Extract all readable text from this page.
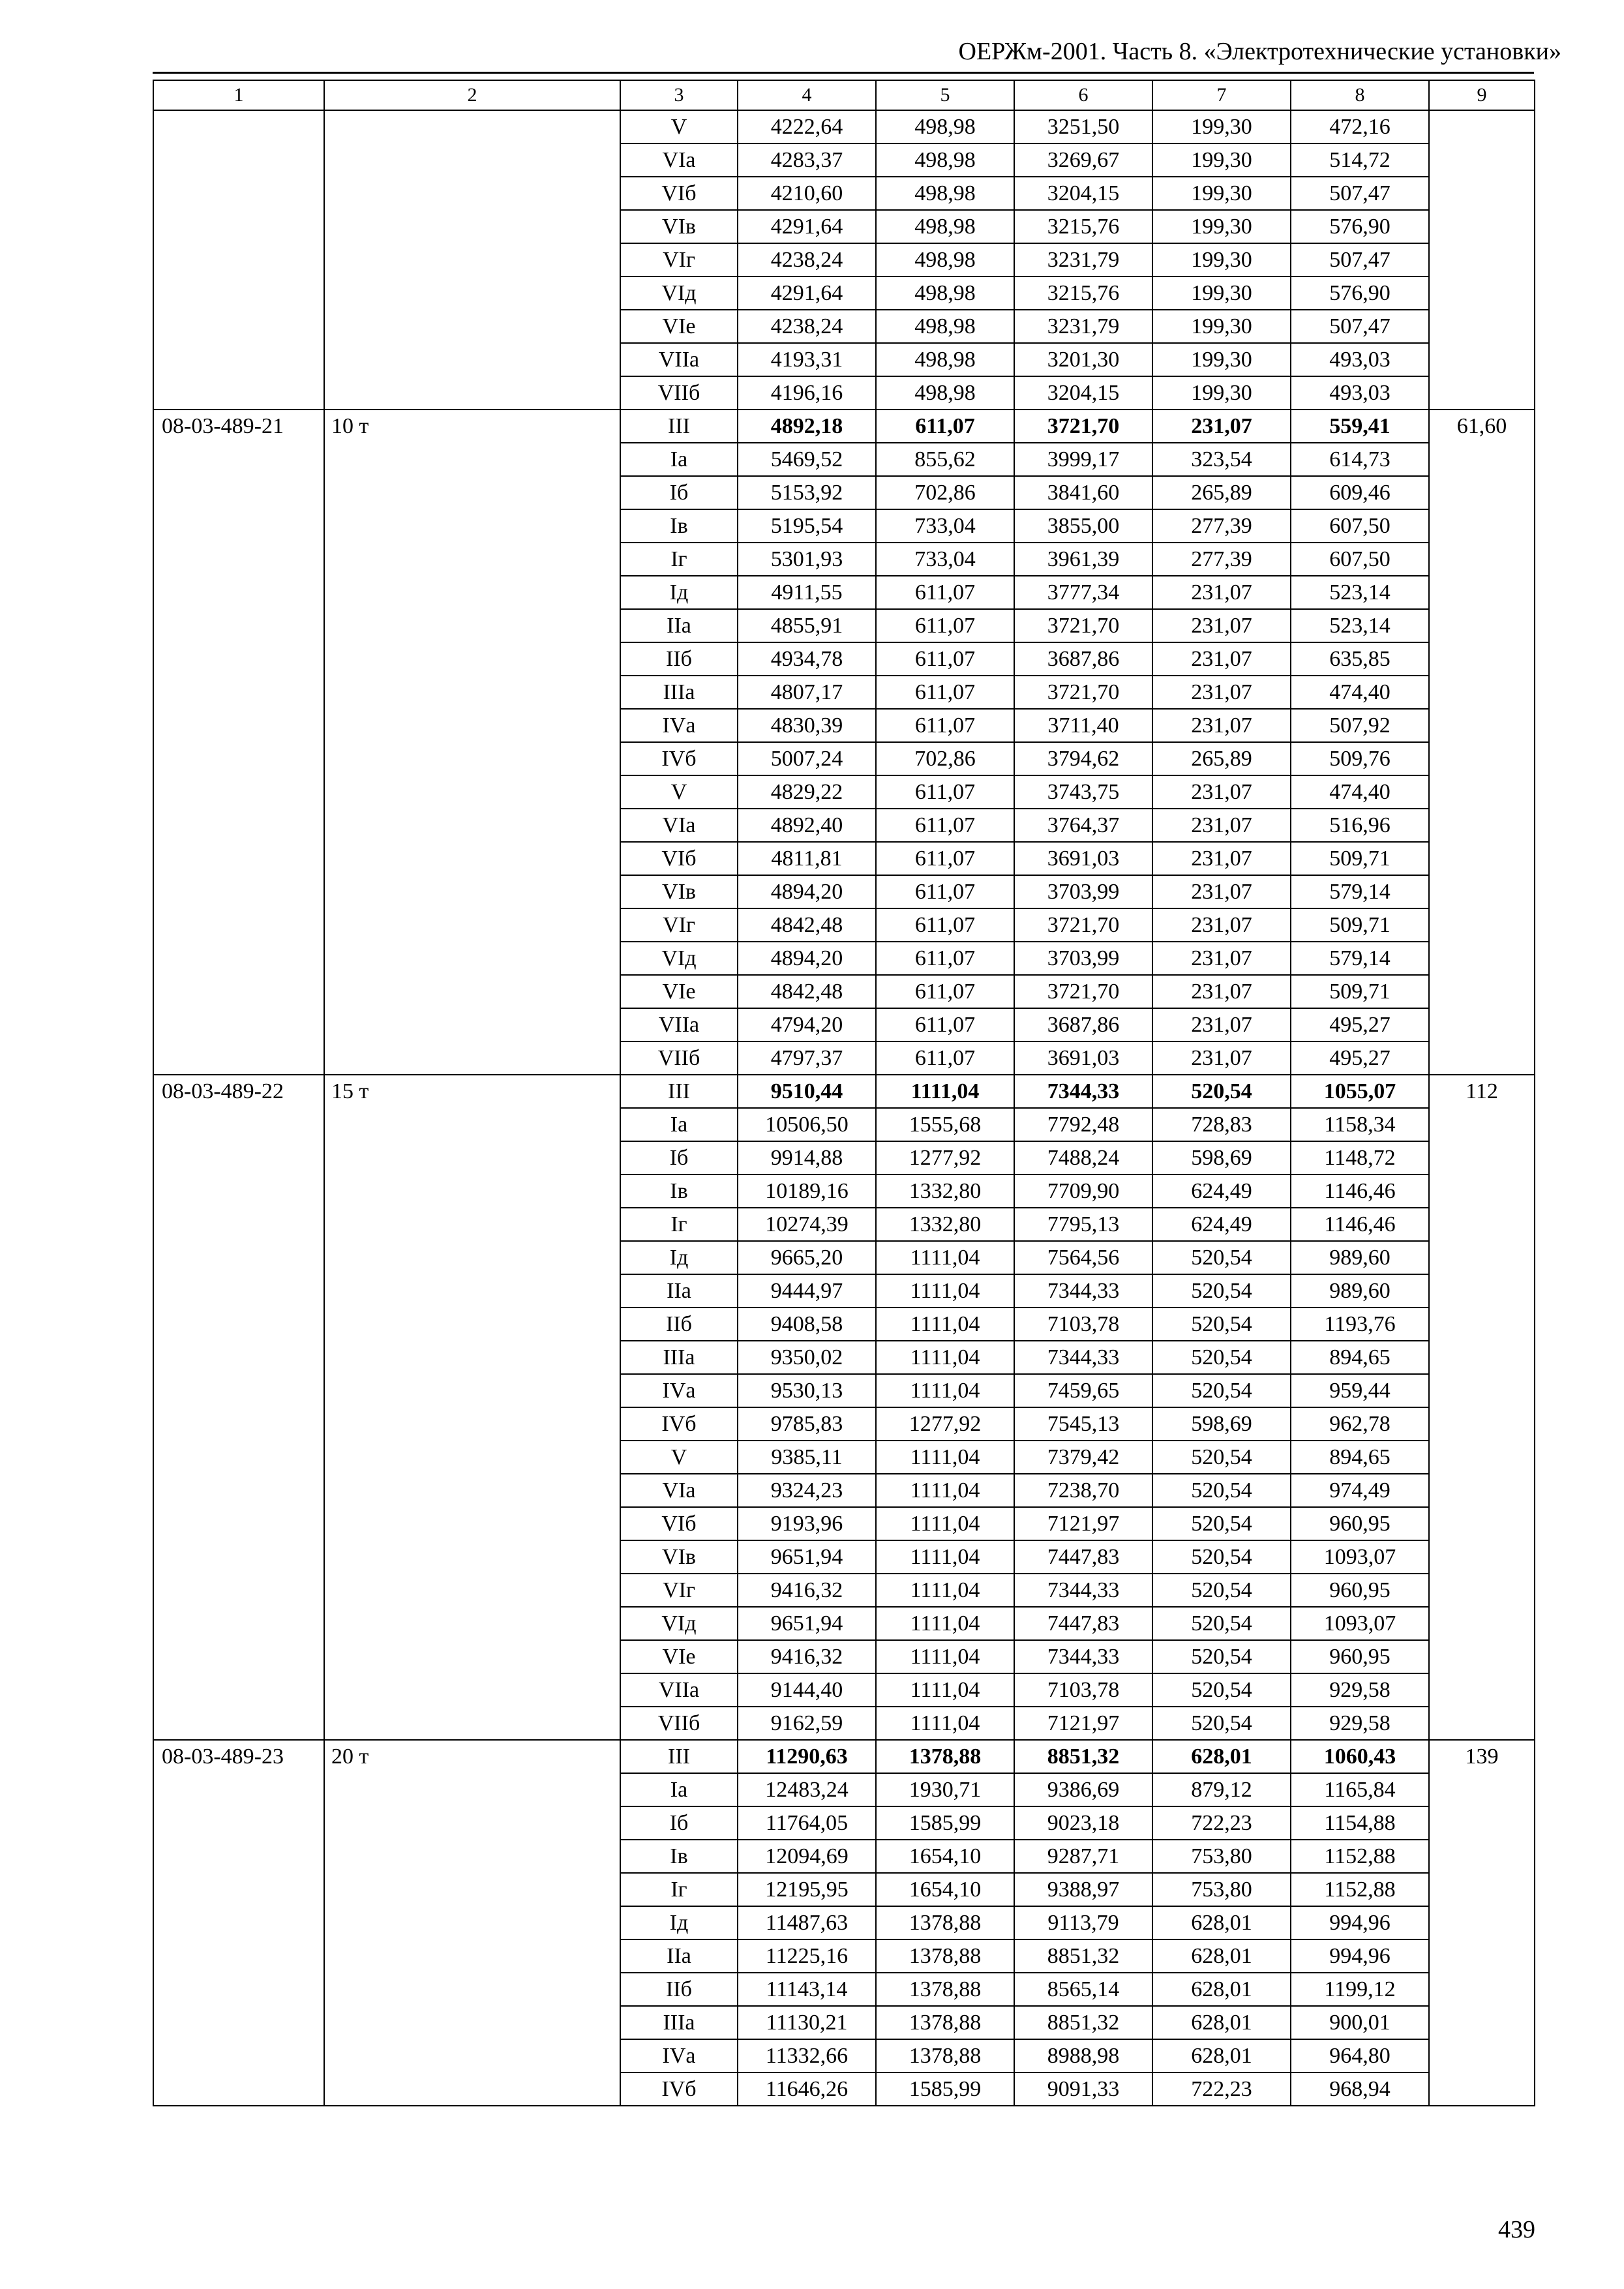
ОЕРЖм-2001. Часть 8. «Электротехнические установки»
1	2	3	4	5	6	7	8	9
		V	4222,64	498,98	3251,50	199,30	472,16	
		VIа	4283,37	498,98	3269,67	199,30	514,72	
		VIб	4210,60	498,98	3204,15	199,30	507,47	
		VIв	4291,64	498,98	3215,76	199,30	576,90	
		VIг	4238,24	498,98	3231,79	199,30	507,47	
		VIд	4291,64	498,98	3215,76	199,30	576,90	
		VIе	4238,24	498,98	3231,79	199,30	507,47	
		VIIа	4193,31	498,98	3201,30	199,30	493,03	
		VIIб	4196,16	498,98	3204,15	199,30	493,03	
08-03-489-21	10 т	III	4892,18	611,07	3721,70	231,07	559,41	61,60
		Iа	5469,52	855,62	3999,17	323,54	614,73	
		Iб	5153,92	702,86	3841,60	265,89	609,46	
		Iв	5195,54	733,04	3855,00	277,39	607,50	
		Iг	5301,93	733,04	3961,39	277,39	607,50	
		Iд	4911,55	611,07	3777,34	231,07	523,14	
		IIа	4855,91	611,07	3721,70	231,07	523,14	
		IIб	4934,78	611,07	3687,86	231,07	635,85	
		IIIа	4807,17	611,07	3721,70	231,07	474,40	
		IVа	4830,39	611,07	3711,40	231,07	507,92	
		IVб	5007,24	702,86	3794,62	265,89	509,76	
		V	4829,22	611,07	3743,75	231,07	474,40	
		VIа	4892,40	611,07	3764,37	231,07	516,96	
		VIб	4811,81	611,07	3691,03	231,07	509,71	
		VIв	4894,20	611,07	3703,99	231,07	579,14	
		VIг	4842,48	611,07	3721,70	231,07	509,71	
		VIд	4894,20	611,07	3703,99	231,07	579,14	
		VIе	4842,48	611,07	3721,70	231,07	509,71	
		VIIа	4794,20	611,07	3687,86	231,07	495,27	
		VIIб	4797,37	611,07	3691,03	231,07	495,27	
08-03-489-22	15 т	III	9510,44	1111,04	7344,33	520,54	1055,07	112
		Iа	10506,50	1555,68	7792,48	728,83	1158,34	
		Iб	9914,88	1277,92	7488,24	598,69	1148,72	
		Iв	10189,16	1332,80	7709,90	624,49	1146,46	
		Iг	10274,39	1332,80	7795,13	624,49	1146,46	
		Iд	9665,20	1111,04	7564,56	520,54	989,60	
		IIа	9444,97	1111,04	7344,33	520,54	989,60	
		IIб	9408,58	1111,04	7103,78	520,54	1193,76	
		IIIа	9350,02	1111,04	7344,33	520,54	894,65	
		IVа	9530,13	1111,04	7459,65	520,54	959,44	
		IVб	9785,83	1277,92	7545,13	598,69	962,78	
		V	9385,11	1111,04	7379,42	520,54	894,65	
		VIа	9324,23	1111,04	7238,70	520,54	974,49	
		VIб	9193,96	1111,04	7121,97	520,54	960,95	
		VIв	9651,94	1111,04	7447,83	520,54	1093,07	
		VIг	9416,32	1111,04	7344,33	520,54	960,95	
		VIд	9651,94	1111,04	7447,83	520,54	1093,07	
		VIе	9416,32	1111,04	7344,33	520,54	960,95	
		VIIа	9144,40	1111,04	7103,78	520,54	929,58	
		VIIб	9162,59	1111,04	7121,97	520,54	929,58	
08-03-489-23	20 т	III	11290,63	1378,88	8851,32	628,01	1060,43	139
		Iа	12483,24	1930,71	9386,69	879,12	1165,84	
		Iб	11764,05	1585,99	9023,18	722,23	1154,88	
		Iв	12094,69	1654,10	9287,71	753,80	1152,88	
		Iг	12195,95	1654,10	9388,97	753,80	1152,88	
		Iд	11487,63	1378,88	9113,79	628,01	994,96	
		IIа	11225,16	1378,88	8851,32	628,01	994,96	
		IIб	11143,14	1378,88	8565,14	628,01	1199,12	
		IIIа	11130,21	1378,88	8851,32	628,01	900,01	
		IVа	11332,66	1378,88	8988,98	628,01	964,80	
		IVб	11646,26	1585,99	9091,33	722,23	968,94	
439
